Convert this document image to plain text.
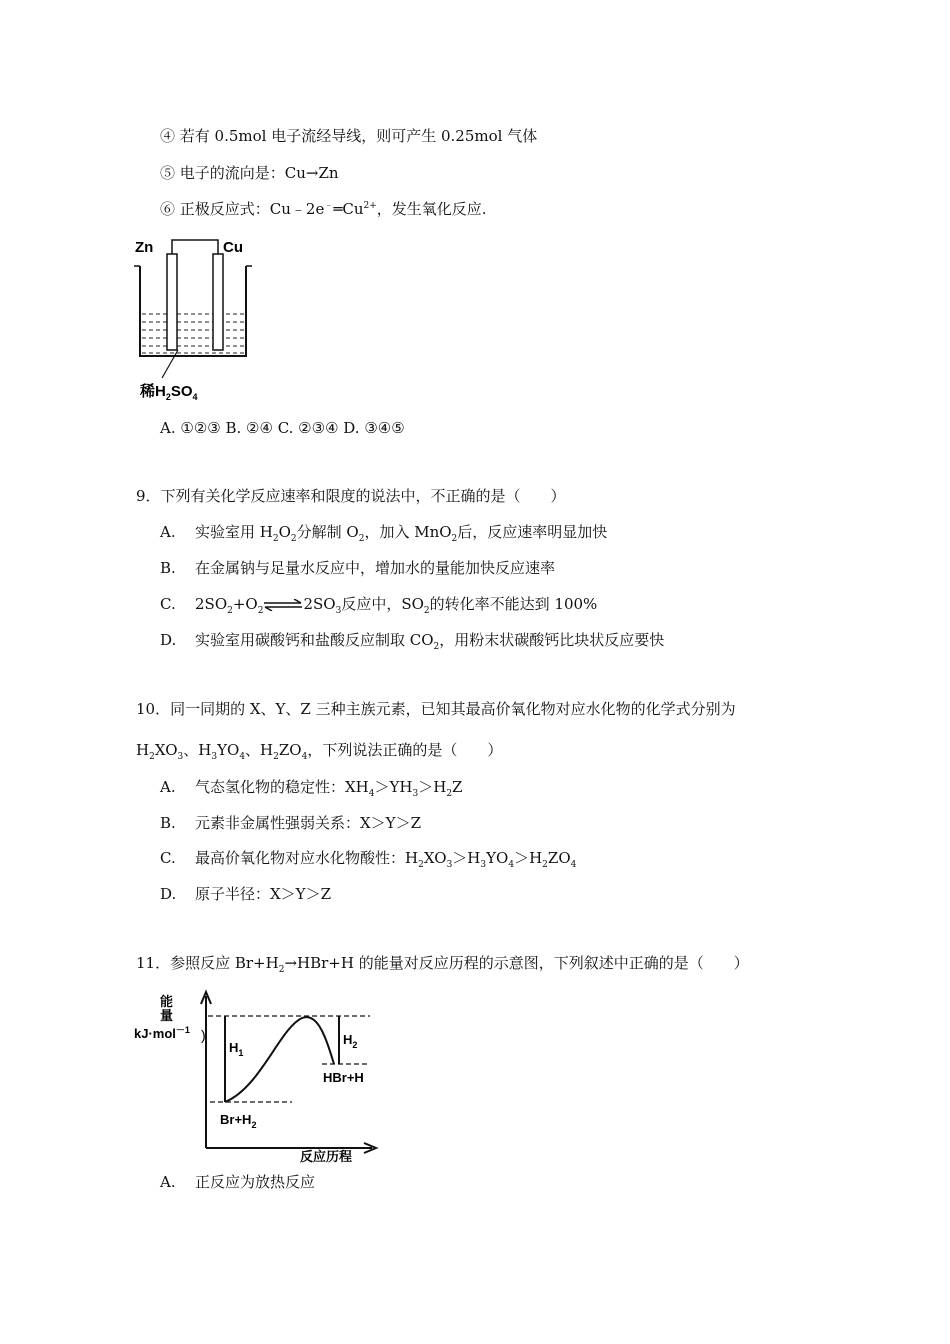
④ 若有 0.5mol 电子流经导线，则可产生 0.25mol 气体
⑤ 电子的流向是：Cu→Zn
⑥ 正极反应式：$Cu﹣2e^﹣═Cu^{2+}$，发生氧化反应.
Zn	Cu
稀$H_2SO_4$
A. ①②③ B. ②④ C. ②③④ D. ③④⑤
9．下列有关化学反应速率和限度的说法中，不正确的是（　　）
A. 实验室用 $H_2O_2$分解制 $O_2$，加入 MnO$_2$后，反应速率明显加快
B. 在金属钠与足量水反应中，增加水的量能加快反应速率
C. $2SO_2+O_2\rightleftharpoons 2SO_3$反应中，$SO_2$的转化率不能达到 100%
D. 实验室用碳酸钙和盐酸反应制取 $CO_2$，用粉末状碳酸钙比块状反应要快
10．同一同期的 X、Y、Z 三种主族元素，已知其最高价氧化物对应水化物的化学式分别为
$H_2XO_3$、$H_3YO_4$、$H_2ZO_4$，下列说法正确的是（　　）
A. 气态氢化物的稳定性：$XH_4>YH_3>H_2Z$
B. 元素非金属性强弱关系：X＞Y＞Z
C. 最高价氧化物对应水化物酸性：$H_2XO_3>H_3YO_4>H_2ZO_4$
D. 原子半径：X＞Y＞Z
11．参照反应 $Br+H_2\to HBr+H$ 的能量对反应历程的示意图，下列叙述中正确的是（　　）
能
量
kJ·mol$^{-1}$ )
$H_1$
$H_2$
HBr+H
$Br+H_2$
反应历程
A. 正反应为放热反应
